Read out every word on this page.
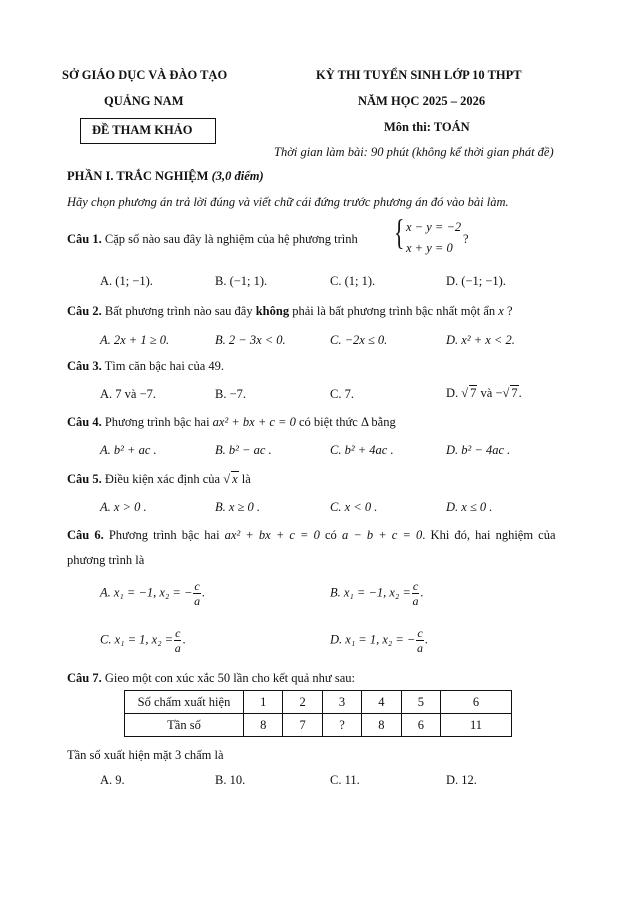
SỞ GIÁO DỤC VÀ ĐÀO TẠO
QUẢNG NAM
ĐỀ THAM KHẢO
KỲ THI TUYỂN SINH LỚP 10 THPT
NĂM HỌC 2025 – 2026
Môn thi: TOÁN
Thời gian làm bài: 90 phút (không kể thời gian phát đề)
PHẦN I. TRẮC NGHIỆM (3,0 điểm)
Hãy chọn phương án trả lời đúng và viết chữ cái đứng trước phương án đó vào bài làm.
Câu 1. Cặp số nào sau đây là nghiệm của hệ phương trình { x − y = −2
x + y = 0
?
A. (1; −1).	B. (−1; 1).	C. (1; 1).	D. (−1; −1).
Câu 2. Bất phương trình nào sau đây không phải là bất phương trình bậc nhất một ẩn x ?
A. 2x + 1 ≥ 0.	B. 2 − 3x < 0.	C. −2x ≤ 0.	D. x² + x < 2.
Câu 3. Tìm căn bậc hai của 49.
A. 7 và −7.	B. −7.	C. 7.	D. √ 7 và −√ 7.
Câu 4. Phương trình bậc hai ax² + bx + c = 0 có biệt thức Δ bằng
A. b² + ac .	B. b² − ac .	C. b² + 4ac .	D. b² − 4ac .
Câu 5. Điều kiện xác định của √ x là
A. x > 0 .	B. x ≥ 0 .	C. x < 0 .	D. x ≤ 0 .
Câu 6. Phương trình bậc hai ax² + bx + c = 0 có a − b + c = 0. Khi đó, hai nghiệm của
phương trình là
A. x₁ = −1, x₂ = − $\frac{c}{a}$ .	B. x₁ = −1, $x_2 = \frac{c}{a}$ .
C. x₁ = 1, $x_2 = \frac{c}{a}$ .	D. x₁ = 1, x₂ = − $\frac{c}{a}$ .
Câu 7. Gieo một con xúc xắc 50 lần cho kết quả như sau:
Số chấm xuất hiện	1	2	3	4	5	6
Tần số	8	7	?	8	6	11
Tần số xuất hiện mặt 3 chấm là
A. 9.	B. 10.	C. 11.	D. 12.
